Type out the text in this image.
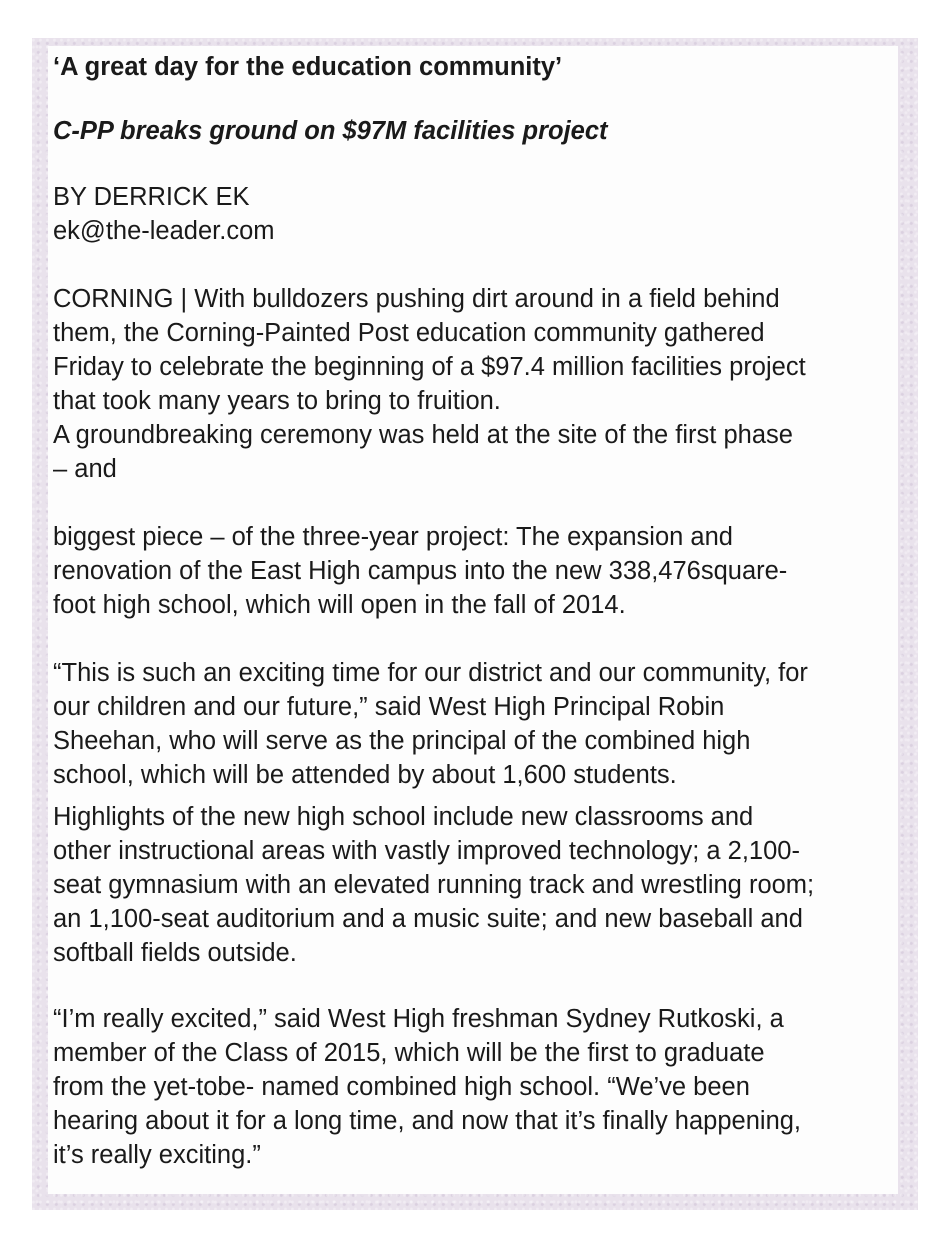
‘A great day for the education community’
C-PP breaks ground on $97M facilities project
BY DERRICK EK
ek@the-leader.com

CORNING | With bulldozers pushing dirt around in a field behind
them, the Corning-Painted Post education community gathered
Friday to celebrate the beginning of a $97.4 million facilities project
that took many years to bring to fruition.

A groundbreaking ceremony was held at the site of the first phase
– and

biggest piece – of the three-year project: The expansion and
renovation of the East High campus into the new 338,476square-
foot high school, which will open in the fall of 2014.

“This is such an exciting time for our district and our community, for
our children and our future,” said West High Principal Robin
Sheehan, who will serve as the principal of the combined high
school, which will be attended by about 1,600 students.

Highlights of the new high school include new classrooms and
other instructional areas with vastly improved technology; a 2,100-
seat gymnasium with an elevated running track and wrestling room;
an 1,100-seat auditorium and a music suite; and new baseball and
softball fields outside.

“I’m really excited,” said West High freshman Sydney Rutkoski, a
member of the Class of 2015, which will be the first to graduate
from the yet-tobe- named combined high school. “We’ve been
hearing about it for a long time, and now that it’s finally happening,
it’s really exciting.”
